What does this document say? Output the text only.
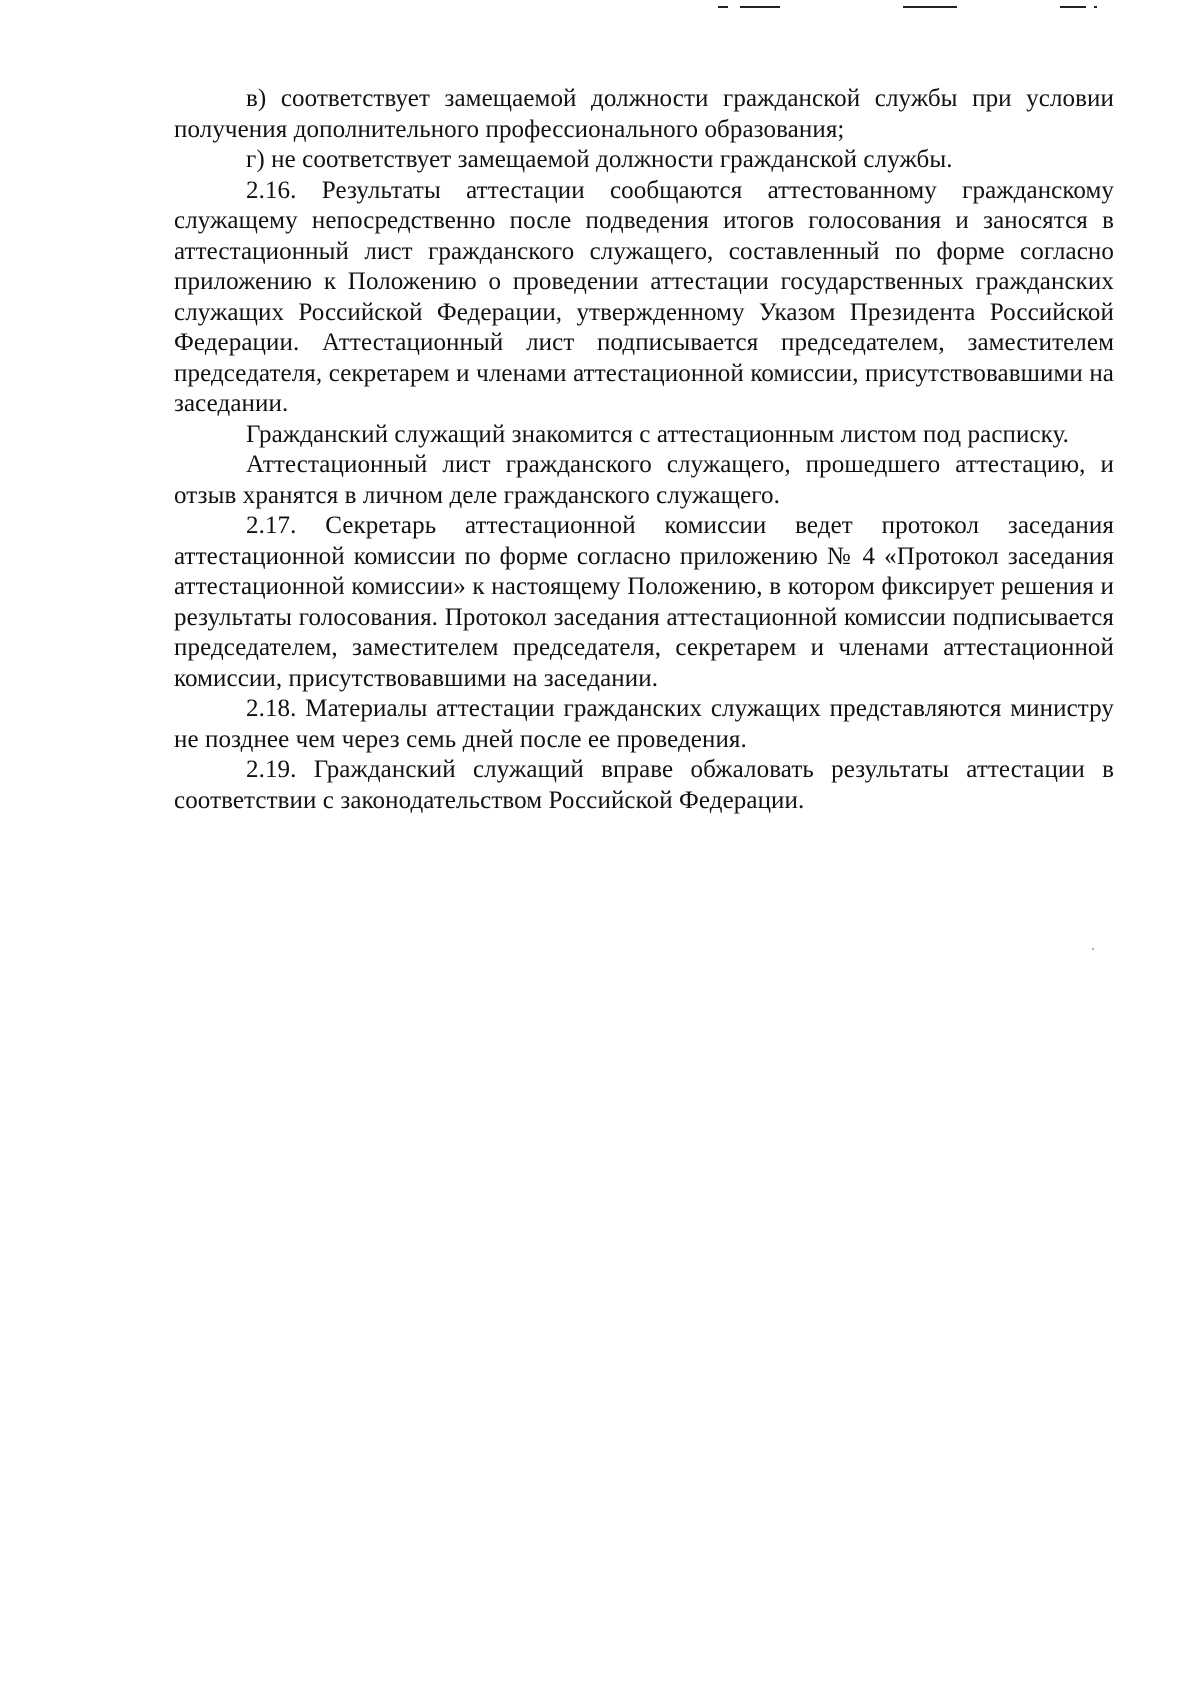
в) соответствует замещаемой должности гражданской службы при условии получения дополнительного профессионального образования;

г) не соответствует замещаемой должности гражданской службы.

2.16. Результаты аттестации сообщаются аттестованному гражданскому служащему непосредственно после подведения итогов голосования и заносятся в аттестационный лист гражданского служащего, составленный по форме согласно приложению к Положению о проведении аттестации государственных гражданских служащих Российской Федерации, утвержденному Указом Президента Российской Федерации. Аттестационный лист подписывается председателем, заместителем председателя, секретарем и членами аттестационной комиссии, присутствовавшими на заседании.

Гражданский служащий знакомится с аттестационным листом под расписку.

Аттестационный лист гражданского служащего, прошедшего аттестацию, и отзыв хранятся в личном деле гражданского служащего.

2.17. Секретарь аттестационной комиссии ведет протокол заседания аттестационной комиссии по форме согласно приложению № 4 «Протокол заседания аттестационной комиссии» к настоящему Положению, в котором фиксирует решения и результаты голосования. Протокол заседания аттестационной комиссии подписывается председателем, заместителем председателя, секретарем и членами аттестационной комиссии, присутствовавшими на заседании.

2.18. Материалы аттестации гражданских служащих представляются министру не позднее чем через семь дней после ее проведения.

2.19. Гражданский служащий вправе обжаловать результаты аттестации в соответствии с законодательством Российской Федерации.
